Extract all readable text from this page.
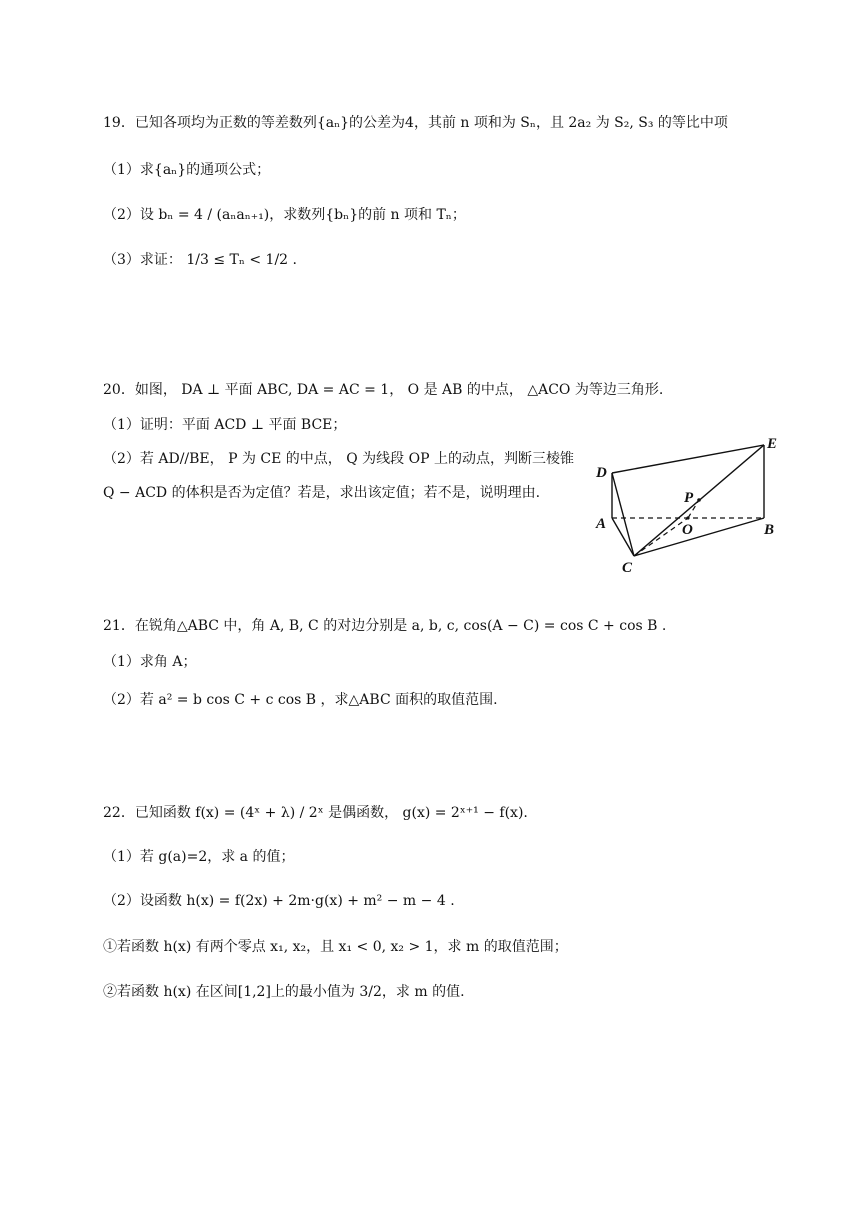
19．已知各项均为正数的等差数列{aₙ}的公差为4，其前 n 项和为 Sₙ，且 2a₂ 为 S₂, S₃ 的等比中项
（1）求{aₙ}的通项公式；
（2）设 bₙ = 4 / (aₙaₙ₊₁)，求数列{bₙ}的前 n 项和 Tₙ；
（3）求证： 1/3 ≤ Tₙ < 1/2 .
20．如图， DA ⊥ 平面 ABC, DA = AC = 1， O 是 AB 的中点， △ACO 为等边三角形.
（1）证明：平面 ACD ⊥ 平面 BCE；
（2）若 AD//BE， P 为 CE 的中点， Q 为线段 OP 上的动点，判断三棱锥
Q − ACD 的体积是否为定值？若是，求出该定值；若不是，说明理由.
D
E
P
A	O	B
C
21．在锐角△ABC 中，角 A, B, C 的对边分别是 a, b, c, cos(A − C) = cos C + cos B .
（1）求角 A；
（2）若 a² = b cos C + c cos B ，求△ABC 面积的取值范围.
22．已知函数 f(x) = (4ˣ + λ) / 2ˣ 是偶函数， g(x) = 2ˣ⁺¹ − f(x).
（1）若 g(a)=2，求 a 的值；
（2）设函数 h(x) = f(2x) + 2m·g(x) + m² − m − 4 .
①若函数 h(x) 有两个零点 x₁, x₂，且 x₁ < 0, x₂ > 1，求 m 的取值范围；
②若函数 h(x) 在区间[1,2]上的最小值为 3/2，求 m 的值.
